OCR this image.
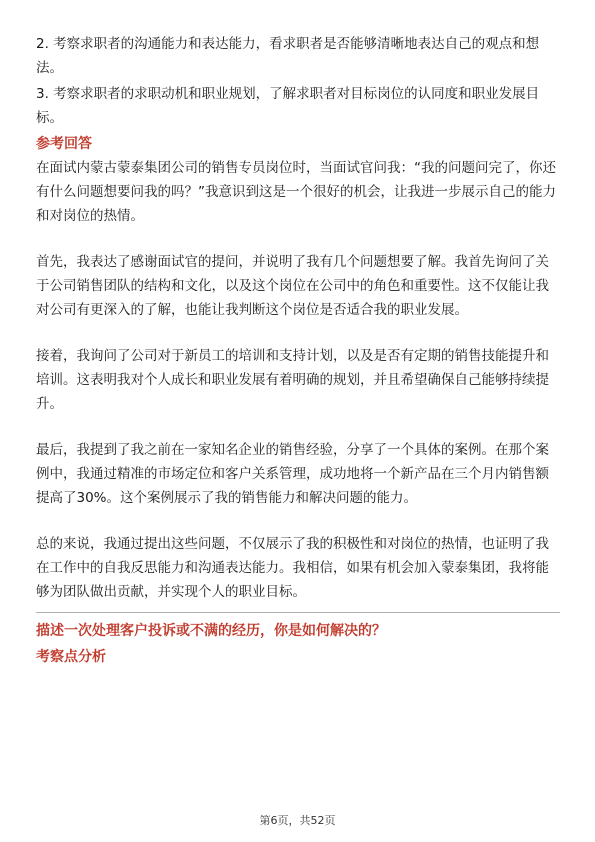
2. 考察求职者的沟通能力和表达能力，看求职者是否能够清晰地表达自己的观点和想法。

3. 考察求职者的求职动机和职业规划，了解求职者对目标岗位的认同度和职业发展目标。

参考回答

在面试内蒙古蒙泰集团公司的销售专员岗位时，当面试官问我：“我的问题问完了，你还有什么问题想要问我的吗？”我意识到这是一个很好的机会，让我进一步展示自己的能力和对岗位的热情。

首先，我表达了感谢面试官的提问，并说明了我有几个问题想要了解。我首先询问了关于公司销售团队的结构和文化，以及这个岗位在公司中的角色和重要性。这不仅能让我对公司有更深入的了解，也能让我判断这个岗位是否适合我的职业发展。

接着，我询问了公司对于新员工的培训和支持计划，以及是否有定期的销售技能提升和培训。这表明我对个人成长和职业发展有着明确的规划，并且希望确保自己能够持续提升。

最后，我提到了我之前在一家知名企业的销售经验，分享了一个具体的案例。在那个案例中，我通过精准的市场定位和客户关系管理，成功地将一个新产品在三个月内销售额提高了30%。这个案例展示了我的销售能力和解决问题的能力。

总的来说，我通过提出这些问题，不仅展示了我的积极性和对岗位的热情，也证明了我在工作中的自我反思能力和沟通表达能力。我相信，如果有机会加入蒙泰集团，我将能够为团队做出贡献，并实现个人的职业目标。

描述一次处理客户投诉或不满的经历，你是如何解决的？

考察点分析

第6页，共52页
